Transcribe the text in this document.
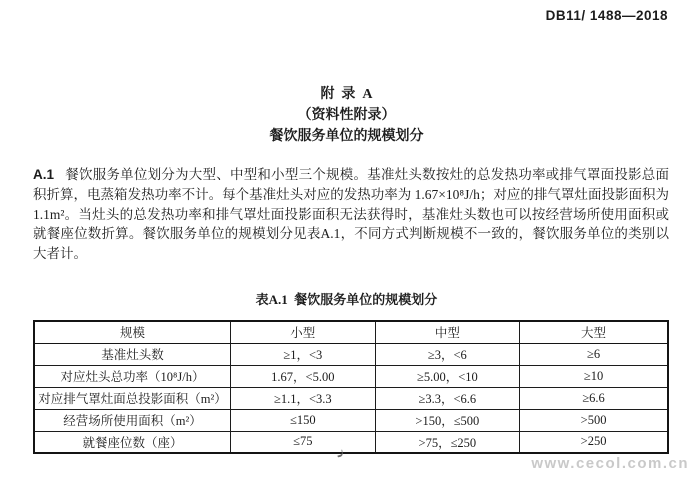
DB11/ 1488—2018
附  录  A
（资料性附录）
餐饮服务单位的规模划分

A.1 餐饮服务单位划分为大型、中型和小型三个规模。基准灶头数按灶的总发热功率或排气罩面投影总面积折算，电蒸箱发热功率不计。每个基准灶头对应的发热功率为 1.67×10⁸J/h；对应的排气罩灶面投影面积为 1.1m²。当灶头的总发热功率和排气罩灶面投影面积无法获得时，基准灶头数也可以按经营场所使用面积或就餐座位数折算。餐饮服务单位的规模划分见表A.1，不同方式判断规模不一致的，餐饮服务单位的类别以大者计。

表A.1  餐饮服务单位的规模划分
规模	小型	中型	大型
基准灶头数	≥1，<3	≥3，<6	≥6
对应灶头总功率（10⁸J/h）	1.67，<5.00	≥5.00，<10	≥10
对应排气罩灶面总投影面积（m²）	≥1.1，<3.3	≥3.3，<6.6	≥6.6
经营场所使用面积（m²）	≤150	>150，≤500	>500
就餐座位数（座）	≤75	>75，≤250	>250
www.cecol.com.cn
